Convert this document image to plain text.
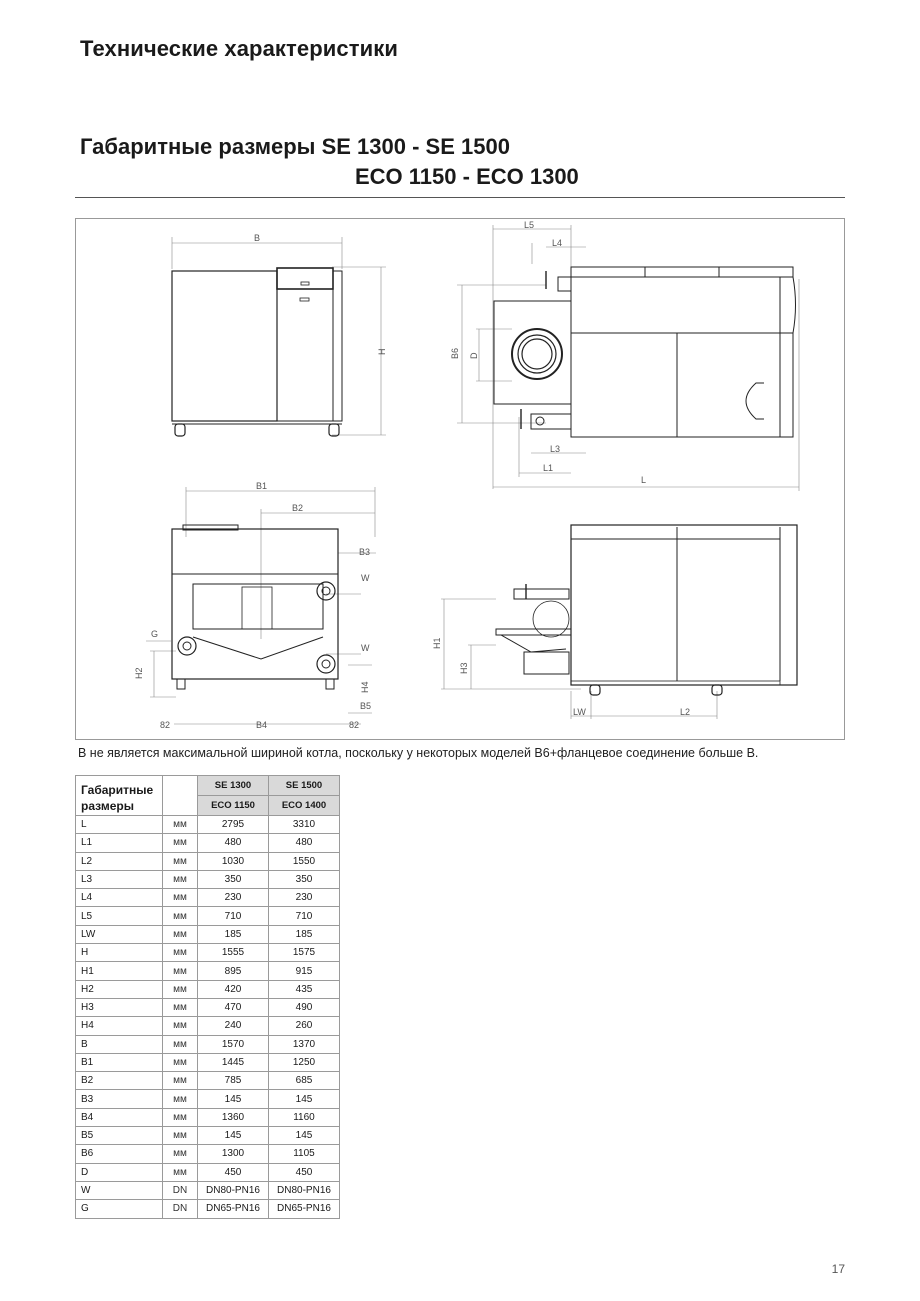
Технические характеристики
Габаритные размеры SE 1300 - SE 1500
ECO 1150 - ECO 1300
B
H
L5
L4
B6 D
L3
L1
L
B1
B2
B3
W
G
W
H2
H4
B5
82	B4	82
H1
H3
LW	L2
В не является максимальной шириной котла, поскольку у некоторых моделей B6+фланцевое соединение больше B.
Габаритные размеры		SE 1300	SE 1500
		ECO 1150	ECO 1400
L	мм	2795	3310
L1	мм	480	480
L2	мм	1030	1550
L3	мм	350	350
L4	мм	230	230
L5	мм	710	710
LW	мм	185	185
H	мм	1555	1575
H1	мм	895	915
H2	мм	420	435
H3	мм	470	490
H4	мм	240	260
B	мм	1570	1370
B1	мм	1445	1250
B2	мм	785	685
B3	мм	145	145
B4	мм	1360	1160
B5	мм	145	145
B6	мм	1300	1105
D	мм	450	450
W	DN	DN80-PN16	DN80-PN16
G	DN	DN65-PN16	DN65-PN16
17
